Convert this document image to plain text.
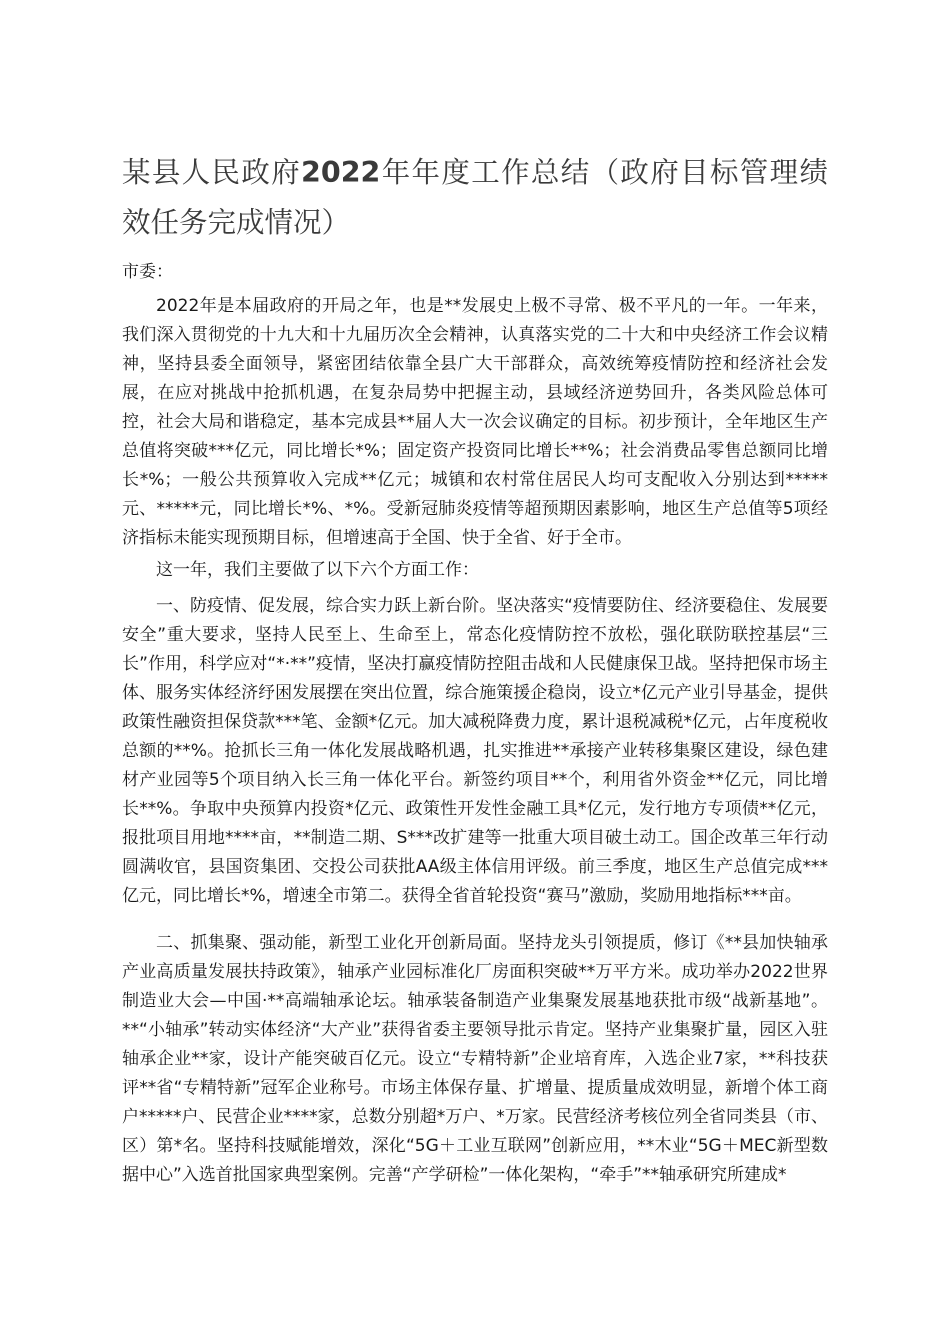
某县人民政府2022年年度工作总结（政府目标管理绩效任务完成情况）

市委：

2022年是本届政府的开局之年，也是**发展史上极不寻常、极不平凡的一年。一年来，我们深入贯彻党的十九大和十九届历次全会精神，认真落实党的二十大和中央经济工作会议精神，坚持县委全面领导，紧密团结依靠全县广大干部群众，高效统筹疫情防控和经济社会发展，在应对挑战中抢抓机遇，在复杂局势中把握主动，县域经济逆势回升，各类风险总体可控，社会大局和谐稳定，基本完成县**届人大一次会议确定的目标。初步预计，全年地区生产总值将突破***亿元，同比增长*%；固定资产投资同比增长**%；社会消费品零售总额同比增长*%；一般公共预算收入完成**亿元；城镇和农村常住居民人均可支配收入分别达到*****元、*****元，同比增长*%、*%。受新冠肺炎疫情等超预期因素影响，地区生产总值等5项经济指标未能实现预期目标，但增速高于全国、快于全省、好于全市。

这一年，我们主要做了以下六个方面工作：

一、防疫情、促发展，综合实力跃上新台阶。坚决落实“疫情要防住、经济要稳住、发展要安全”重大要求，坚持人民至上、生命至上，常态化疫情防控不放松，强化联防联控基层“三长”作用，科学应对“*·**”疫情，坚决打赢疫情防控阻击战和人民健康保卫战。坚持把保市场主体、服务实体经济纾困发展摆在突出位置，综合施策援企稳岗，设立*亿元产业引导基金，提供政策性融资担保贷款***笔、金额*亿元。加大减税降费力度，累计退税减税*亿元，占年度税收总额的**%。抢抓长三角一体化发展战略机遇，扎实推进**承接产业转移集聚区建设，绿色建材产业园等5个项目纳入长三角一体化平台。新签约项目**个，利用省外资金**亿元，同比增长**%。争取中央预算内投资*亿元、政策性开发性金融工具*亿元，发行地方专项债**亿元，报批项目用地****亩，**制造二期、S***改扩建等一批重大项目破土动工。国企改革三年行动圆满收官，县国资集团、交投公司获批AA级主体信用评级。前三季度，地区生产总值完成***亿元，同比增长*%，增速全市第二。获得全省首轮投资“赛马”激励，奖励用地指标***亩。

二、抓集聚、强动能，新型工业化开创新局面。坚持龙头引领提质，修订《**县加快轴承产业高质量发展扶持政策》，轴承产业园标准化厂房面积突破**万平方米。成功举办2022世界制造业大会—中国·**高端轴承论坛。轴承装备制造产业集聚发展基地获批市级“战新基地”。**“小轴承”转动实体经济“大产业”获得省委主要领导批示肯定。坚持产业集聚扩量，园区入驻轴承企业**家，设计产能突破百亿元。设立“专精特新”企业培育库，入选企业7家，**科技获评**省“专精特新”冠军企业称号。市场主体保存量、扩增量、提质量成效明显，新增个体工商户*****户、民营企业****家，总数分别超*万户、*万家。民营经济考核位列全省同类县（市、区）第*名。坚持科技赋能增效，深化“5G＋工业互联网”创新应用，**木业“5G＋MEC新型数据中心”入选首批国家典型案例。完善“产学研检”一体化架构，“牵手”**轴承研究所建成*
